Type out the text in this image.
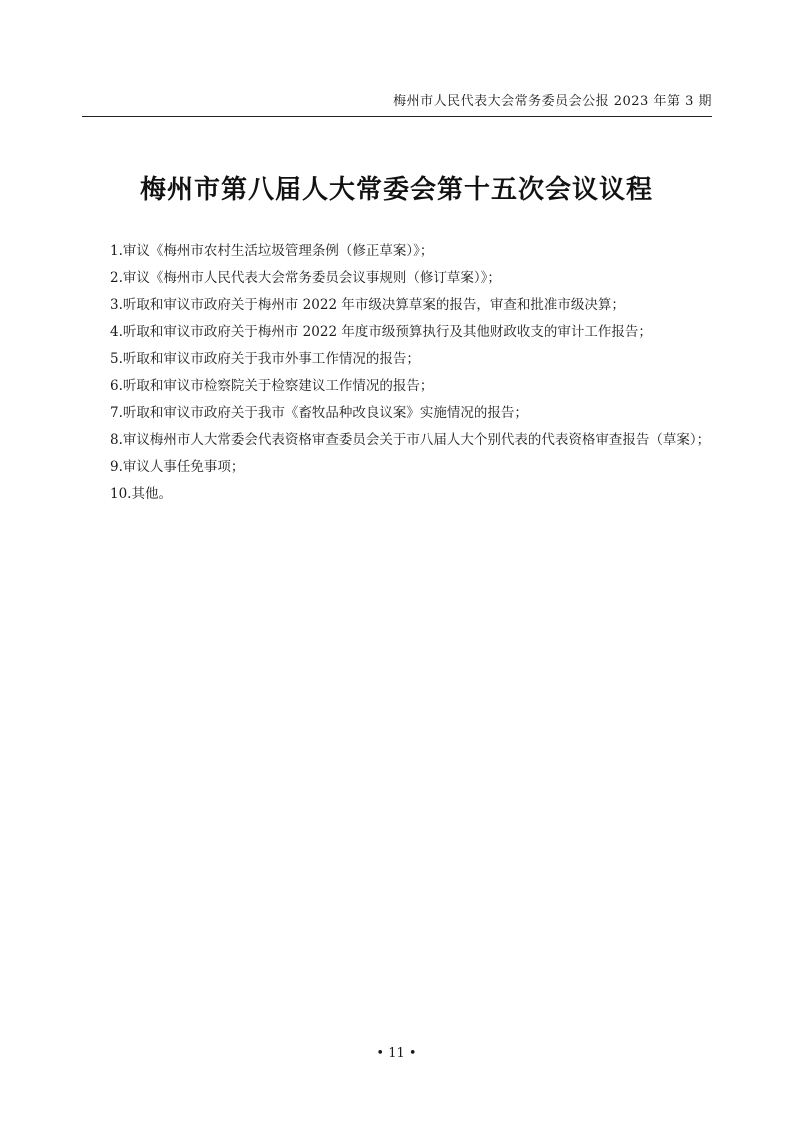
梅州市人民代表大会常务委员会公报 2023 年第 3 期
梅州市第八届人大常委会第十五次会议议程
1.审议《梅州市农村生活垃圾管理条例（修正草案）》；
2.审议《梅州市人民代表大会常务委员会议事规则（修订草案）》；
3.听取和审议市政府关于梅州市 2022 年市级决算草案的报告，审查和批准市级决算；
4.听取和审议市政府关于梅州市 2022 年度市级预算执行及其他财政收支的审计工作报告；
5.听取和审议市政府关于我市外事工作情况的报告；
6.听取和审议市检察院关于检察建议工作情况的报告；
7.听取和审议市政府关于我市《畜牧品种改良议案》实施情况的报告；
8.审议梅州市人大常委会代表资格审查委员会关于市八届人大个别代表的代表资格审查报告（草案）；
9.审议人事任免事项；
10.其他。
• 11 •
